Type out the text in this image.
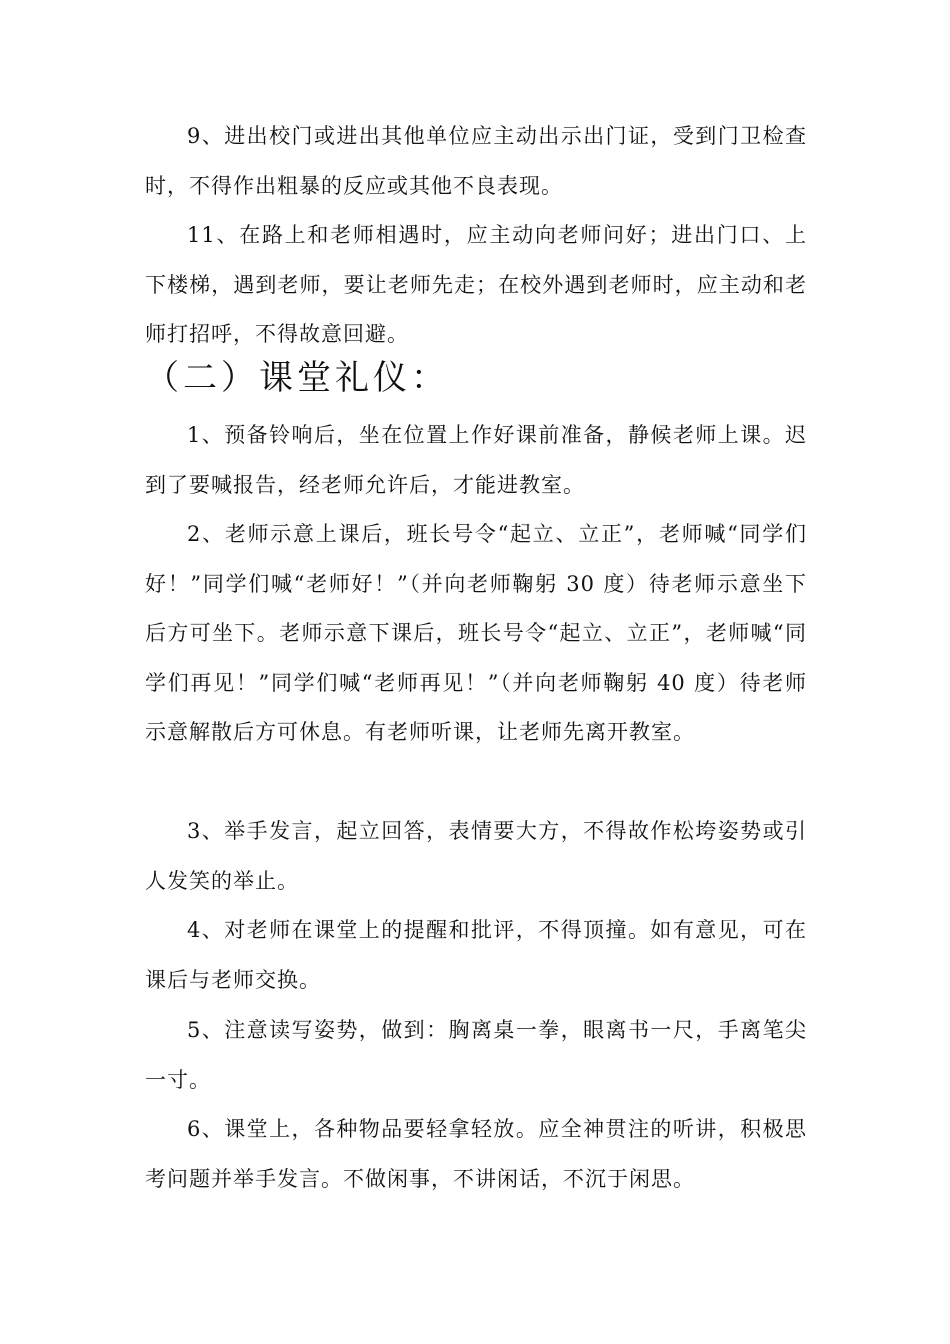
9、进出校门或进出其他单位应主动出示出门证，受到门卫检查时，不得作出粗暴的反应或其他不良表现。

11、在路上和老师相遇时，应主动向老师问好；进出门口、上下楼梯，遇到老师，要让老师先走；在校外遇到老师时，应主动和老师打招呼，不得故意回避。

（二）课堂礼仪：

1、预备铃响后，坐在位置上作好课前准备，静候老师上课。迟到了要喊报告，经老师允许后，才能进教室。

2、老师示意上课后，班长号令“起立、立正”，老师喊“同学们好！”同学们喊“老师好！”（并向老师鞠躬 30 度）待老师示意坐下后方可坐下。老师示意下课后，班长号令“起立、立正”，老师喊“同学们再见！”同学们喊“老师再见！”（并向老师鞠躬 40 度）待老师示意解散后方可休息。有老师听课，让老师先离开教室。

3、举手发言，起立回答，表情要大方，不得故作松垮姿势或引人发笑的举止。

4、对老师在课堂上的提醒和批评，不得顶撞。如有意见，可在课后与老师交换。

5、注意读写姿势，做到：胸离桌一拳，眼离书一尺，手离笔尖一寸。

6、课堂上，各种物品要轻拿轻放。应全神贯注的听讲，积极思考问题并举手发言。不做闲事，不讲闲话，不沉于闲思。
